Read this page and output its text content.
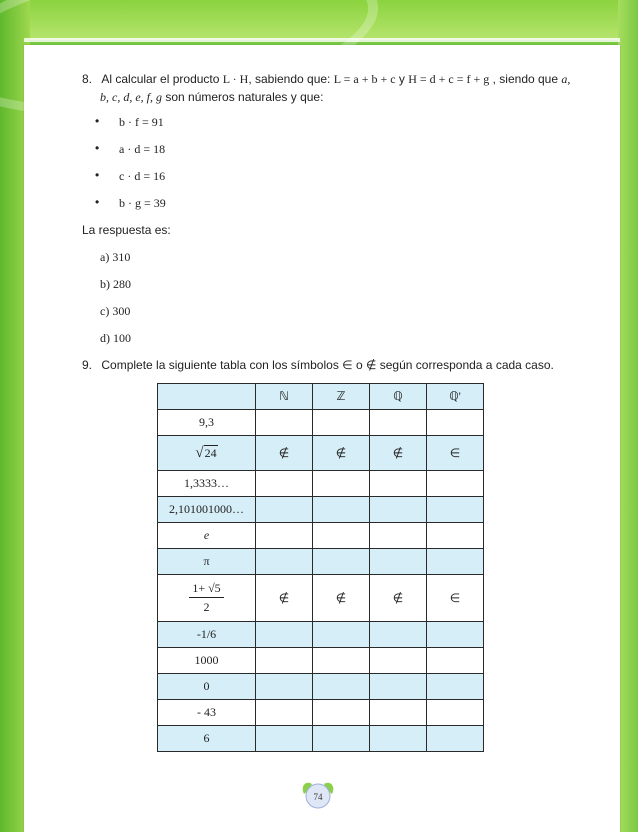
8. Al calcular el producto L · H, sabiendo que: L = a + b + c y H = d + c = f + g , siendo que a,
b, c, d, e, f, g son números naturales y que:
• b · f = 91
• a · d = 18
• c · d = 16
• b · g = 39
La respuesta es:
a) 310
b) 280
c) 300
d) 100
9. Complete la siguiente tabla con los símbolos ∈ o ∉ según corresponda a cada caso.
	ℕ	ℤ	ℚ	ℚ'
9,3				
√24	∉	∉	∉	∈
1,3333…				
2,101001000…				
e				
π				

$\frac{1+ √5}{2}$	∉	∉	∉	∈
-1/6				
1000				
0				
- 43				
6				
74
